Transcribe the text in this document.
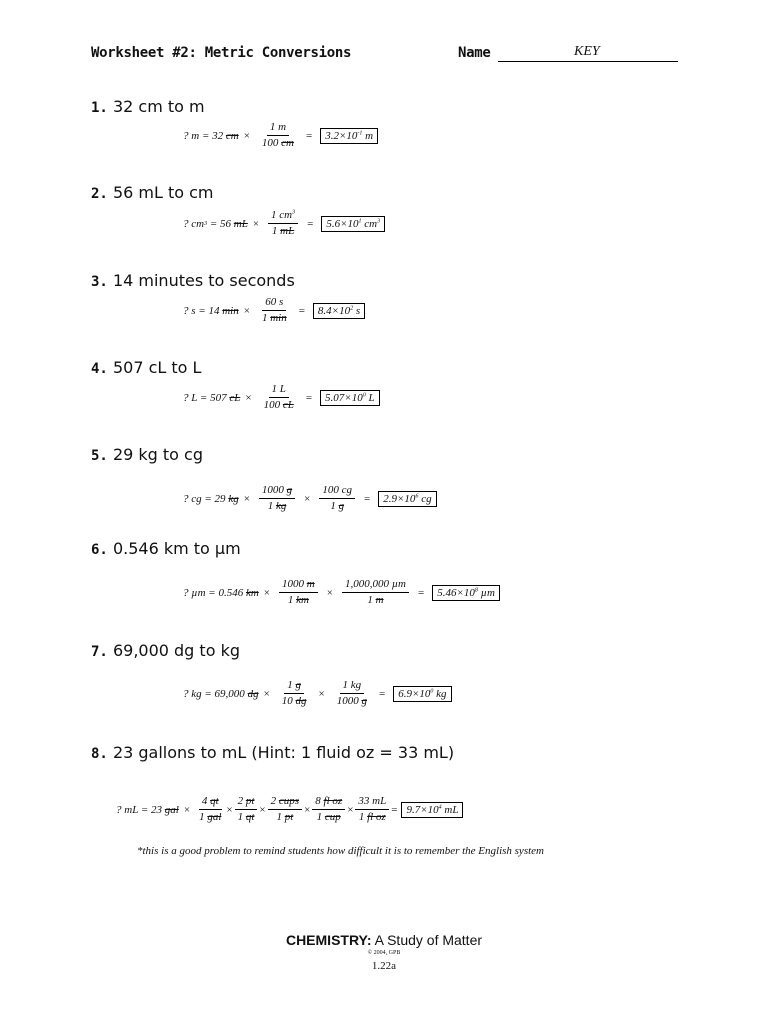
Worksheet #2: Metric Conversions	Name	KEY
1. 32 cm to m
? m = 32
cm × $\frac{1 m}{100 cm}$ =	$3.2\times 10^{-1}$ m
2. 56 mL to cm
? cm 3
= 56
mL × $\frac{1 cm^3}{1 mL}$ =	$5.6\times 10^1$ $cm^3$
3. 14 minutes to seconds
? s = 14
$\min \times \frac{60 s}{1 \min}$ =	$8.4\times 10^2$ s
4. 507 cL to L
? L = 507
cL × $\frac{1 L}{100 cL}$ =	$5.07\times 10^0$ L
5. 29 kg to cg
? cg = 29
kg × $\frac{1000 g}{1 kg} \times \frac{100 cg}{1 g}$ =	$2.9\times 10^6$ cg
6. 0.546 km to µm
? µm = 0.546
km × $\frac{1000 m}{1 km} \times \frac{\text{1,000,000 µm}}{1 m}$ =	$5.46\times 10^8$ µm
7. 69,000 dg to kg
? kg = 69,000
dg × $\frac{1 g}{10 dg} \times \frac{1 kg}{1000 g}$ =	$6.9\times 10^0$ kg
8. 23 gallons to mL (Hint: 1 fluid oz = 33 mL)
? mL = 23
gal × $\frac{4 qt}{\text{1 gal}} \times \frac{2 pt}{1 qt} \times \frac{\text{2 cups}}{1 pt} \times \frac{\text{8 fl oz}}{\text{1 cup}} \times \frac{33 mL}{\text{1 fl oz}} = 9.7\times 10^4$ mL
*this is a good problem to remind students how difficult it is to remember the English system
CHEMISTRY: A Study of Matter
© 2004, GPB
1.22a
